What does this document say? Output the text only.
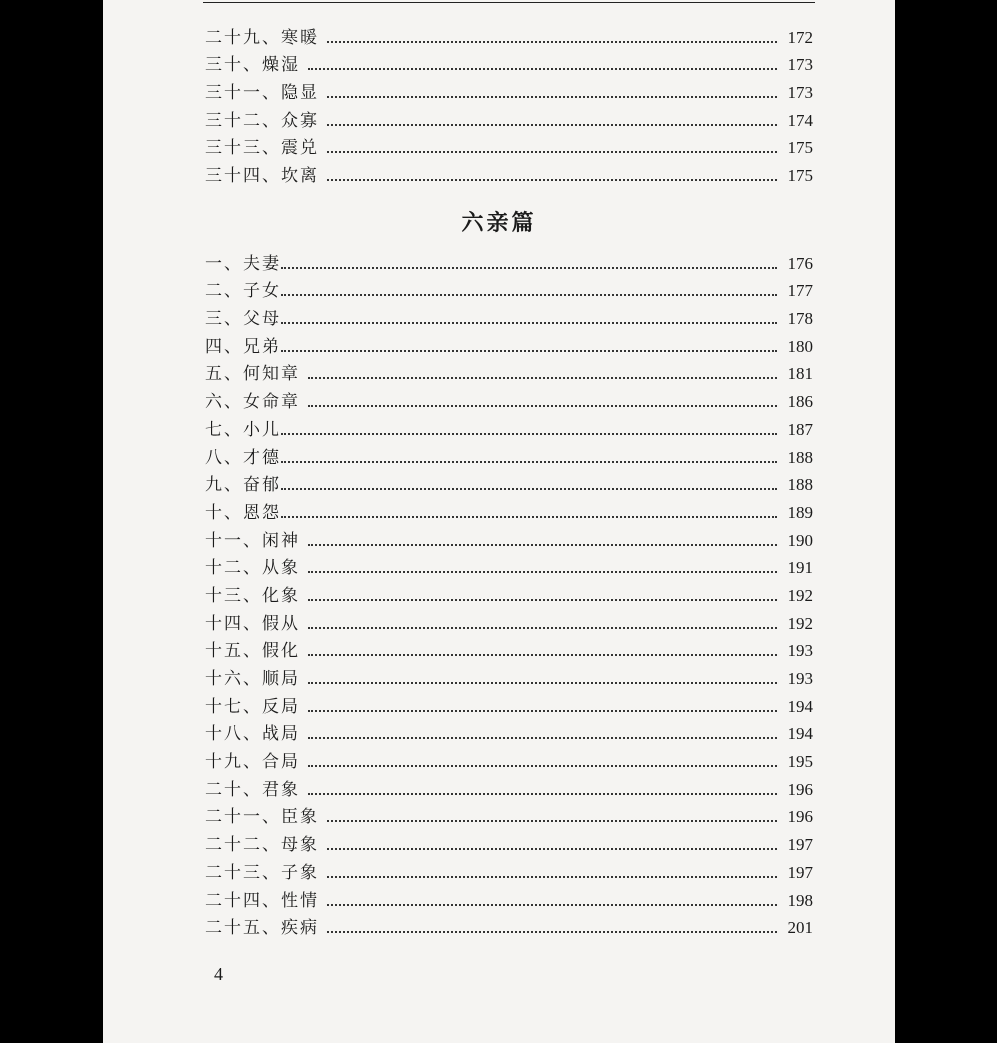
二十九、寒暖	172
三十、燥湿	173
三十一、隐显	173
三十二、众寡	174
三十三、震兑	175
三十四、坎离	175
六亲篇
一、夫妻	176
二、子女	177
三、父母	178
四、兄弟	180
五、何知章	181
六、女命章	186
七、小儿	187
八、才德	188
九、奋郁	188
十、恩怨	189
十一、闲神	190
十二、从象	191
十三、化象	192
十四、假从	192
十五、假化	193
十六、顺局	193
十七、反局	194
十八、战局	194
十九、合局	195
二十、君象	196
二十一、臣象	196
二十二、母象	197
二十三、子象	197
二十四、性情	198
二十五、疾病	201
4
